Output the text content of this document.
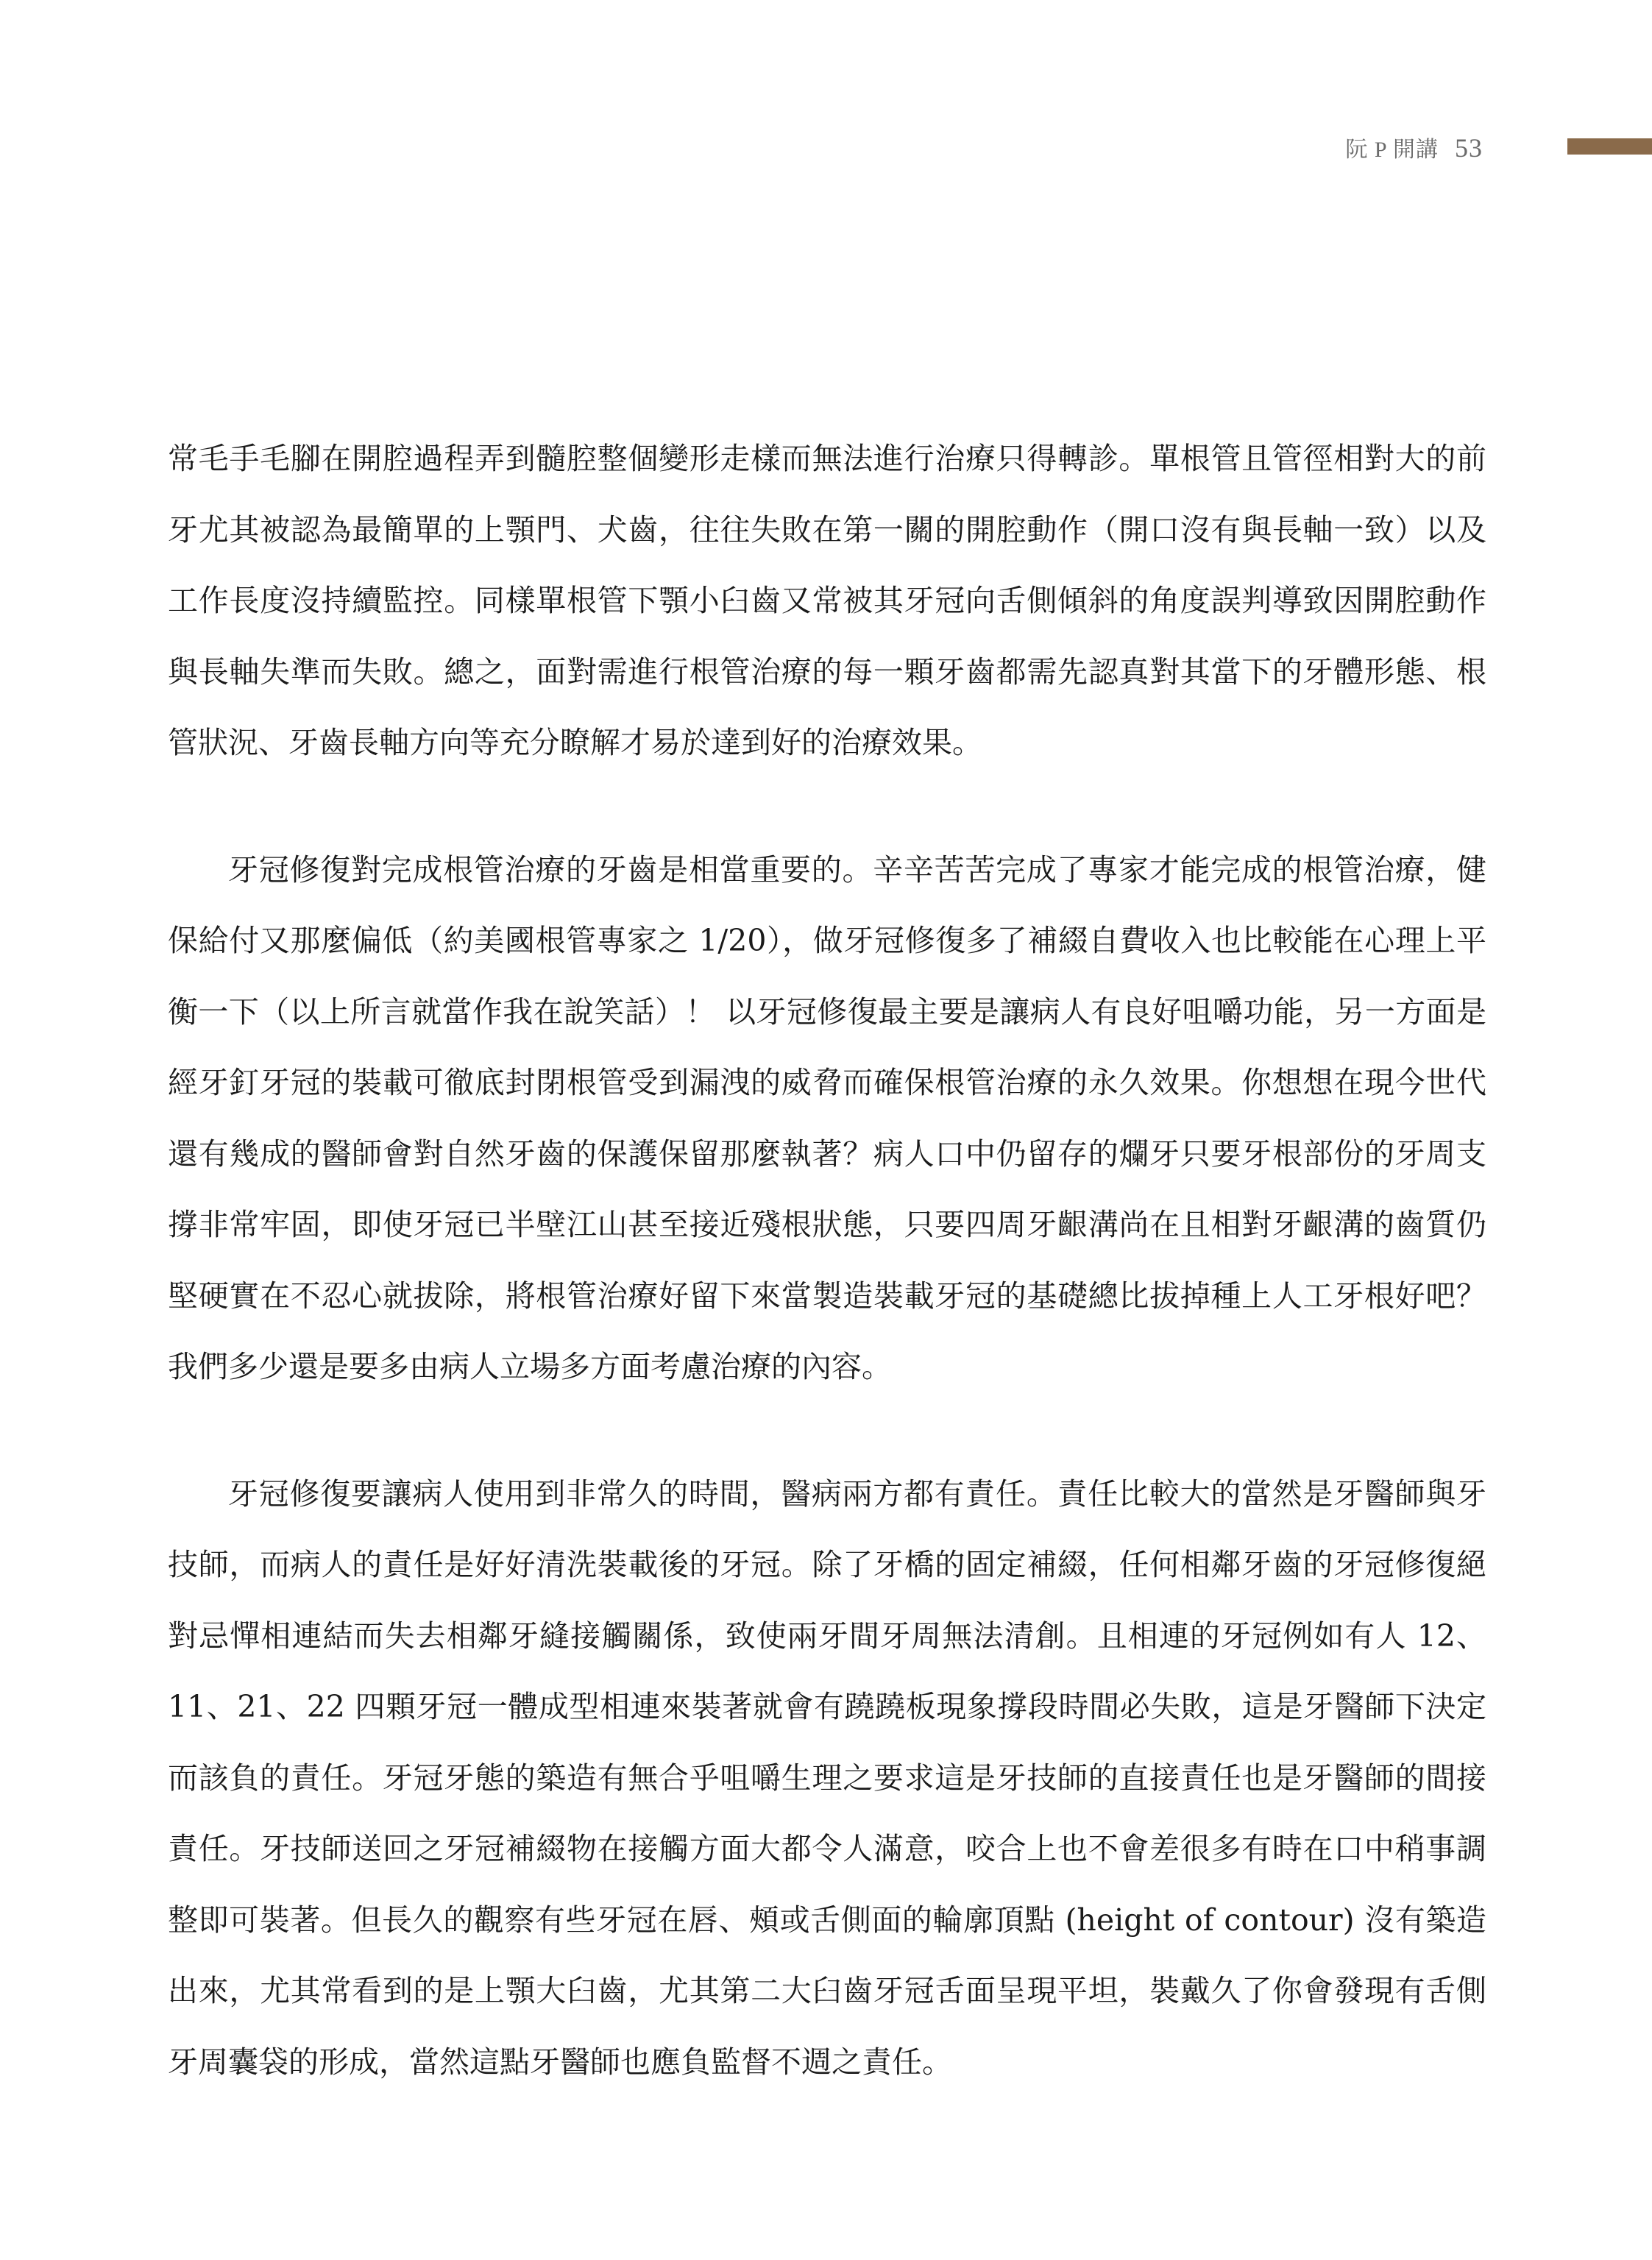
阮 P 開講 53

常毛手毛腳在開腔過程弄到髓腔整個變形走樣而無法進行治療只得轉診。單根管且管徑相對大的前牙尤其被認為最簡單的上顎門、犬齒，往往失敗在第一關的開腔動作（開口沒有與長軸一致）以及工作長度沒持續監控。同樣單根管下顎小臼齒又常被其牙冠向舌側傾斜的角度誤判導致因開腔動作與長軸失準而失敗。總之，面對需進行根管治療的每一顆牙齒都需先認真對其當下的牙體形態、根管狀況、牙齒長軸方向等充分瞭解才易於達到好的治療效果。

牙冠修復對完成根管治療的牙齒是相當重要的。辛辛苦苦完成了專家才能完成的根管治療，健保給付又那麼偏低（約美國根管專家之 1/20），做牙冠修復多了補綴自費收入也比較能在心理上平衡一下（以上所言就當作我在說笑話）！ 以牙冠修復最主要是讓病人有良好咀嚼功能，另一方面是經牙釘牙冠的裝載可徹底封閉根管受到漏洩的威脅而確保根管治療的永久效果。你想想在現今世代還有幾成的醫師會對自然牙齒的保護保留那麼執著？病人口中仍留存的爛牙只要牙根部份的牙周支撐非常牢固，即使牙冠已半壁江山甚至接近殘根狀態，只要四周牙齦溝尚在且相對牙齦溝的齒質仍堅硬實在不忍心就拔除，將根管治療好留下來當製造裝載牙冠的基礎總比拔掉種上人工牙根好吧？我們多少還是要多由病人立場多方面考慮治療的內容。

牙冠修復要讓病人使用到非常久的時間，醫病兩方都有責任。責任比較大的當然是牙醫師與牙技師，而病人的責任是好好清洗裝載後的牙冠。除了牙橋的固定補綴，任何相鄰牙齒的牙冠修復絕對忌憚相連結而失去相鄰牙縫接觸關係，致使兩牙間牙周無法清創。且相連的牙冠例如有人 12、11、21、22 四顆牙冠一體成型相連來裝著就會有蹺蹺板現象撐段時間必失敗，這是牙醫師下決定而該負的責任。牙冠牙態的築造有無合乎咀嚼生理之要求這是牙技師的直接責任也是牙醫師的間接責任。牙技師送回之牙冠補綴物在接觸方面大都令人滿意，咬合上也不會差很多有時在口中稍事調整即可裝著。但長久的觀察有些牙冠在唇、頰或舌側面的輪廓頂點 (height of contour) 沒有築造出來，尤其常看到的是上顎大臼齒，尤其第二大臼齒牙冠舌面呈現平坦，裝戴久了你會發現有舌側牙周囊袋的形成，當然這點牙醫師也應負監督不週之責任。
